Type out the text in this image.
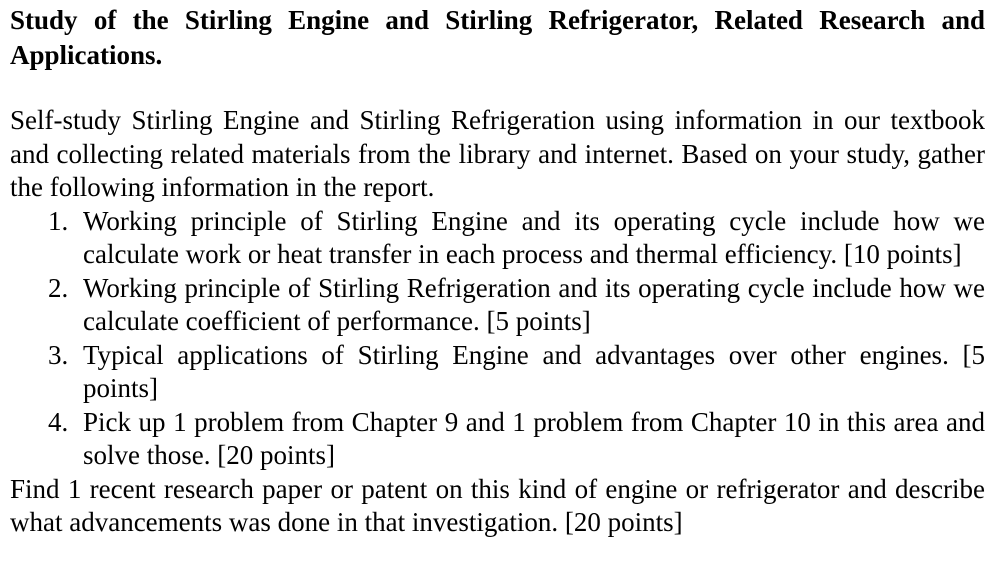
Study of the Stirling Engine and Stirling Refrigerator, Related Research and Applications.

Self-study Stirling Engine and Stirling Refrigeration using information in our textbook and collecting related materials from the library and internet. Based on your study, gather the following information in the report.

1. Working principle of Stirling Engine and its operating cycle include how we calculate work or heat transfer in each process and thermal efficiency. [10 points]
2. Working principle of Stirling Refrigeration and its operating cycle include how we calculate coefficient of performance. [5 points]
3. Typical applications of Stirling Engine and advantages over other engines. [5 points]
4. Pick up 1 problem from Chapter 9 and 1 problem from Chapter 10 in this area and solve those. [20 points]

Find 1 recent research paper or patent on this kind of engine or refrigerator and describe what advancements was done in that investigation. [20 points]
